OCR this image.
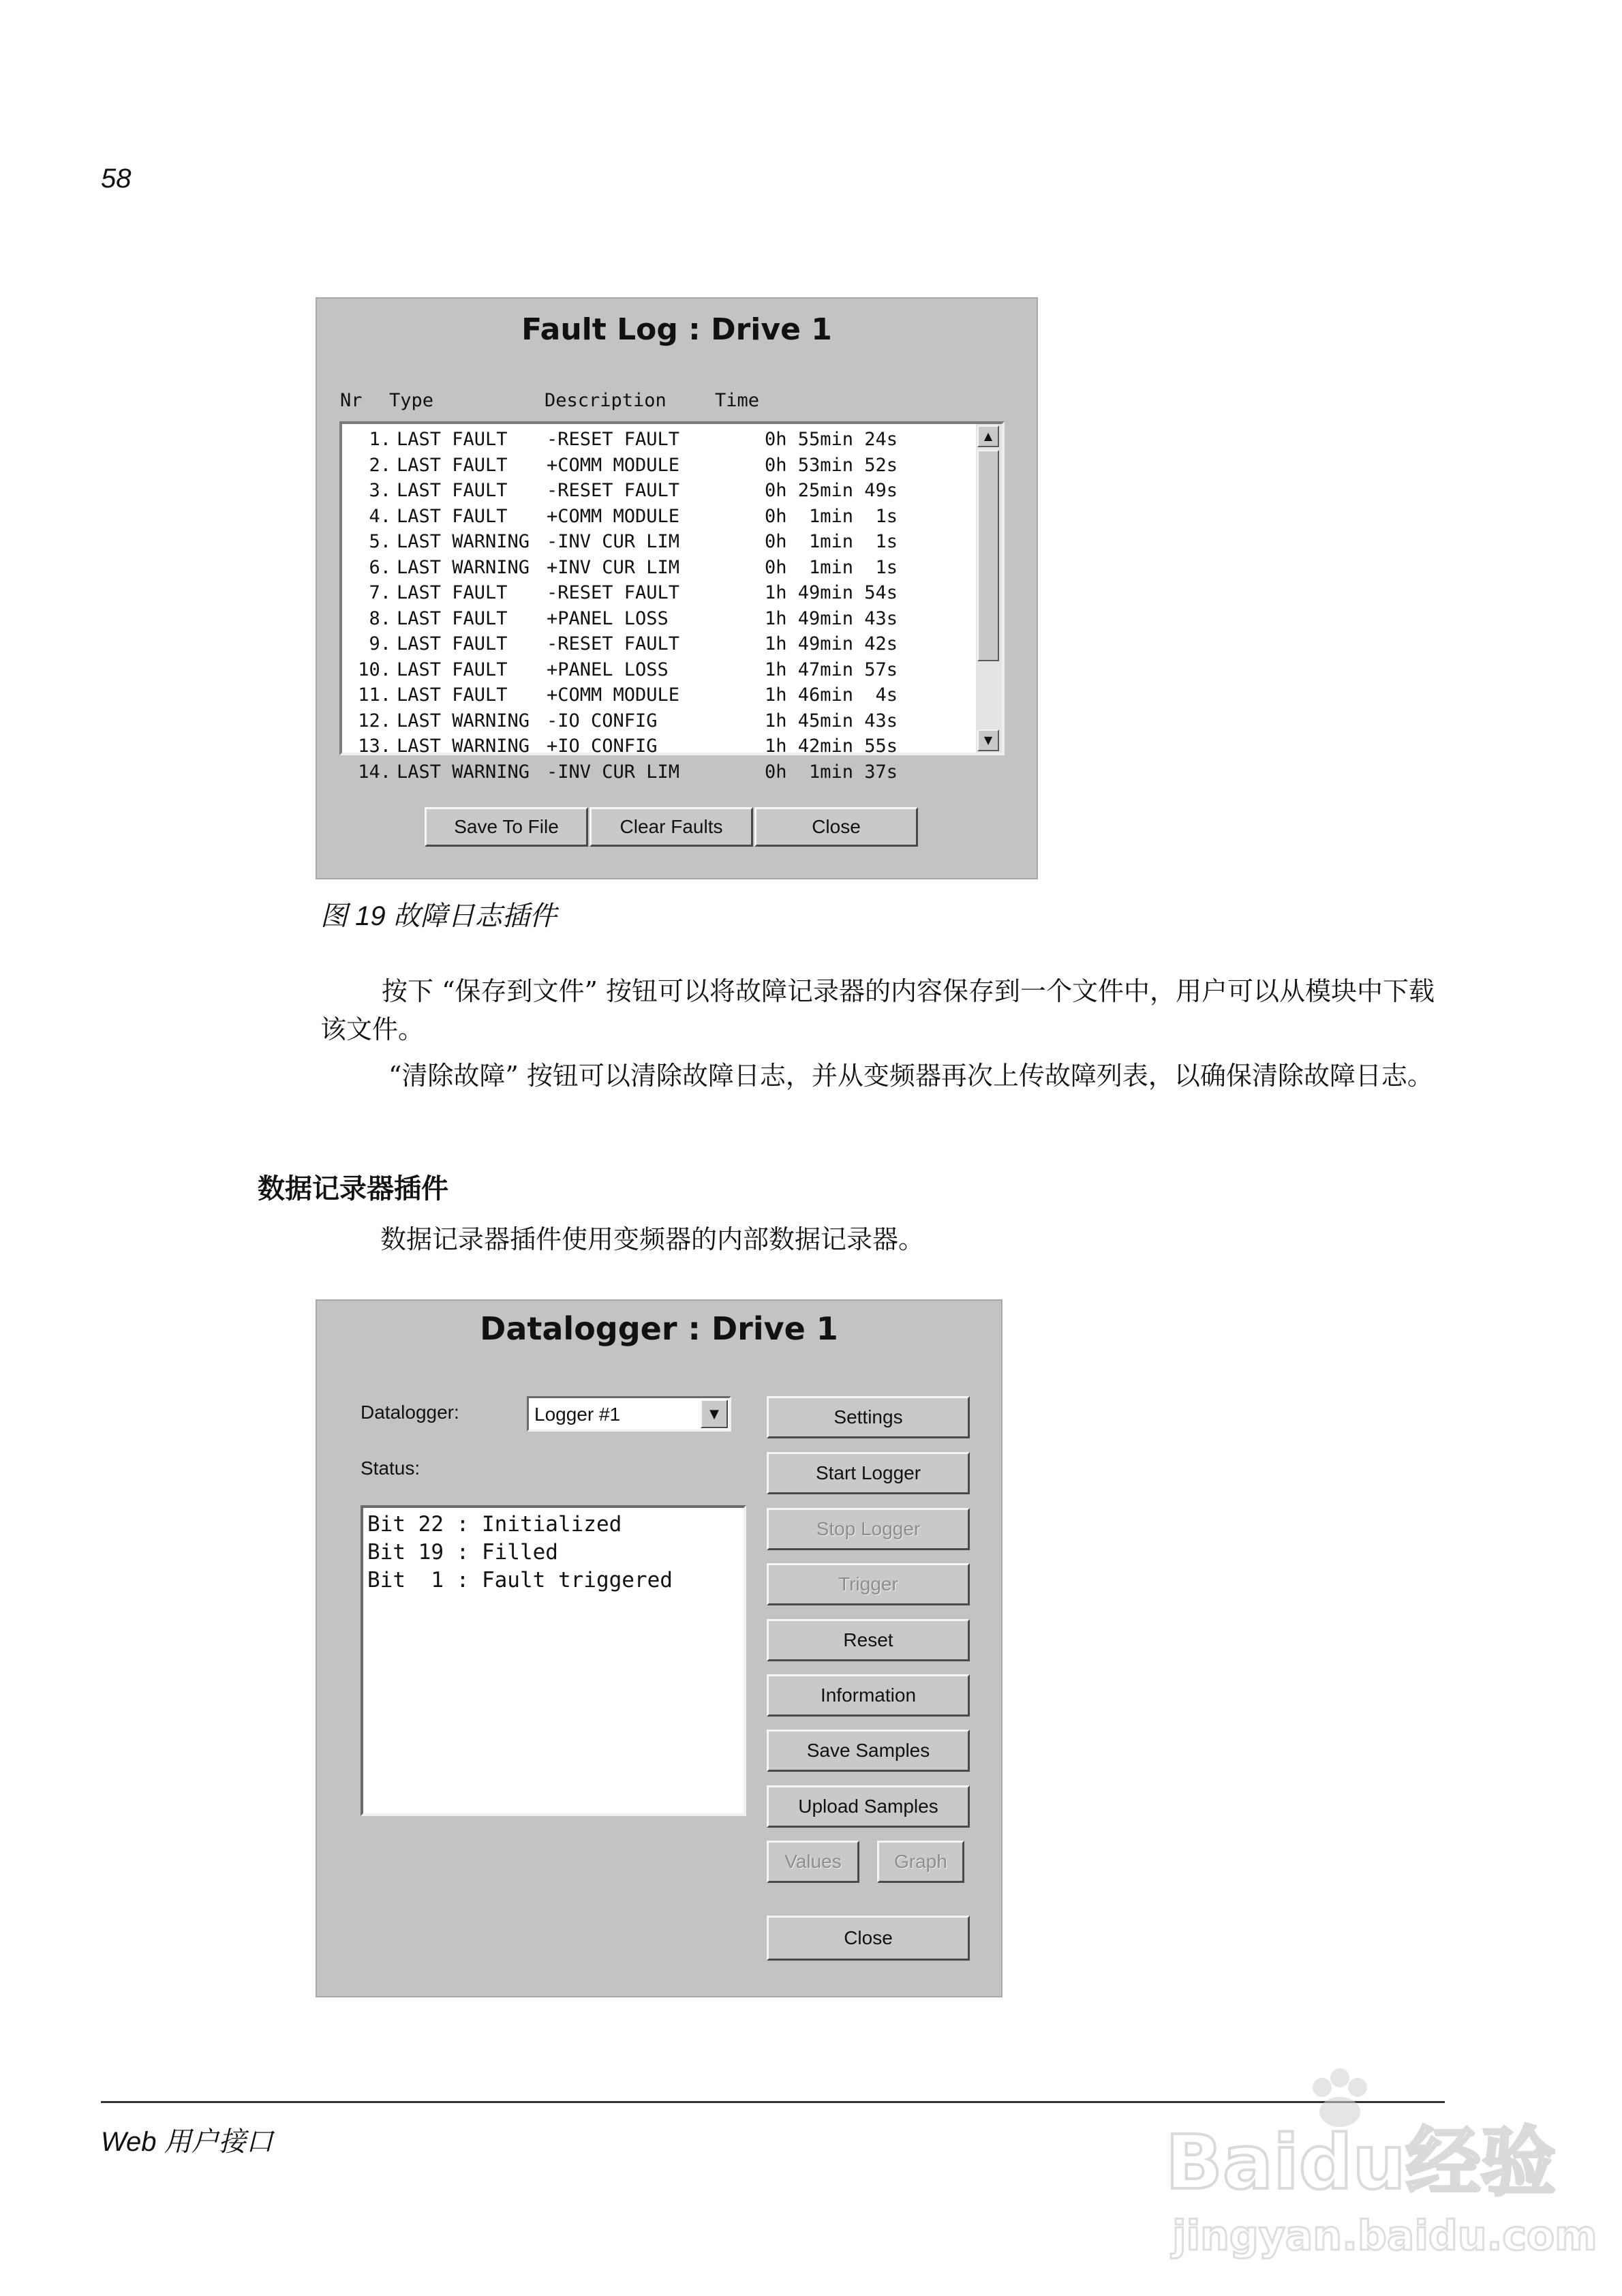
58
Fault Log : Drive 1
Nr Type	Description	Time
1. LAST FAULT -RESET FAULT	0h 55min 24s
2. LAST FAULT +COMM MODULE	0h 53min 52s
3. LAST FAULT -RESET FAULT	0h 25min 49s
4. LAST FAULT +COMM MODULE	0h  1min  1s
5. LAST WARNING -INV CUR LIM	0h  1min  1s
6. LAST WARNING +INV CUR LIM	0h  1min  1s
7. LAST FAULT -RESET FAULT	1h 49min 54s
8. LAST FAULT +PANEL LOSS	1h 49min 43s
9. LAST FAULT -RESET FAULT	1h 49min 42s
10. LAST FAULT +PANEL LOSS	1h 47min 57s
11. LAST FAULT +COMM MODULE	1h 46min  4s
12. LAST WARNING -IO CONFIG	1h 45min 43s
13. LAST WARNING +IO CONFIG	1h 42min 55s
14. LAST WARNING -INV CUR LIM	0h  1min 37s
▲
▼
Save To File	Clear Faults	Close
图 19 故障日志插件
按下 “保存到文件” 按钮可以将故障记录器的内容保存到一个文件中，用户可以从模块中下载该文件。
“清除故障” 按钮可以清除故障日志，并从变频器再次上传故障列表，以确保清除故障日志。
数据记录器插件
数据记录器插件使用变频器的内部数据记录器。
Datalogger : Drive 1
Datalogger:	Logger #1	▼
Status:
Bit 22 : Initialized
Bit 19 : Filled
Bit  1 : Fault triggered
Settings
Start Logger
Stop Logger
Trigger
Reset
Information
Save Samples
Upload Samples
Values	Graph
Close
Web 用户接口	Baidu经验
jingyan.baidu.com
